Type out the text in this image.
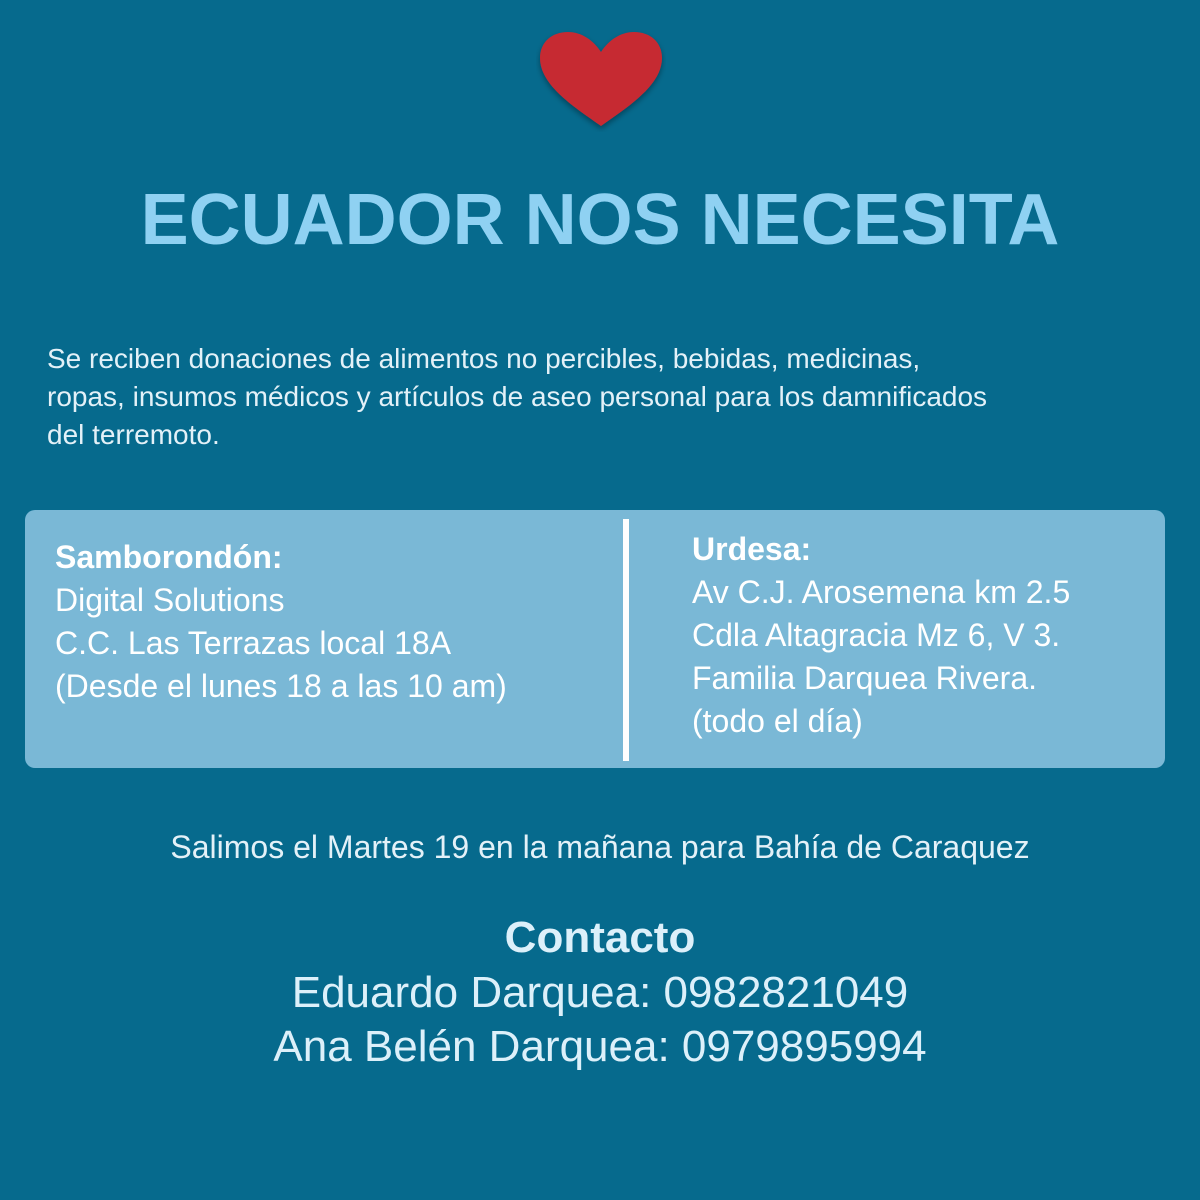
ECUADOR NOS NECESITA
Se reciben donaciones de alimentos no percibles, bebidas, medicinas,
ropas, insumos médicos y artículos de aseo personal para los damnificados
del terremoto.
Samborondón:
Digital Solutions
C.C. Las Terrazas local 18A
(Desde el lunes 18 a las 10 am)
Urdesa:
Av C.J. Arosemena km 2.5
Cdla Altagracia Mz 6, V 3.
Familia Darquea Rivera.
(todo el día)
Salimos el Martes 19 en la mañana para Bahía de Caraquez
Contacto
Eduardo Darquea: 0982821049
Ana Belén Darquea: 0979895994
